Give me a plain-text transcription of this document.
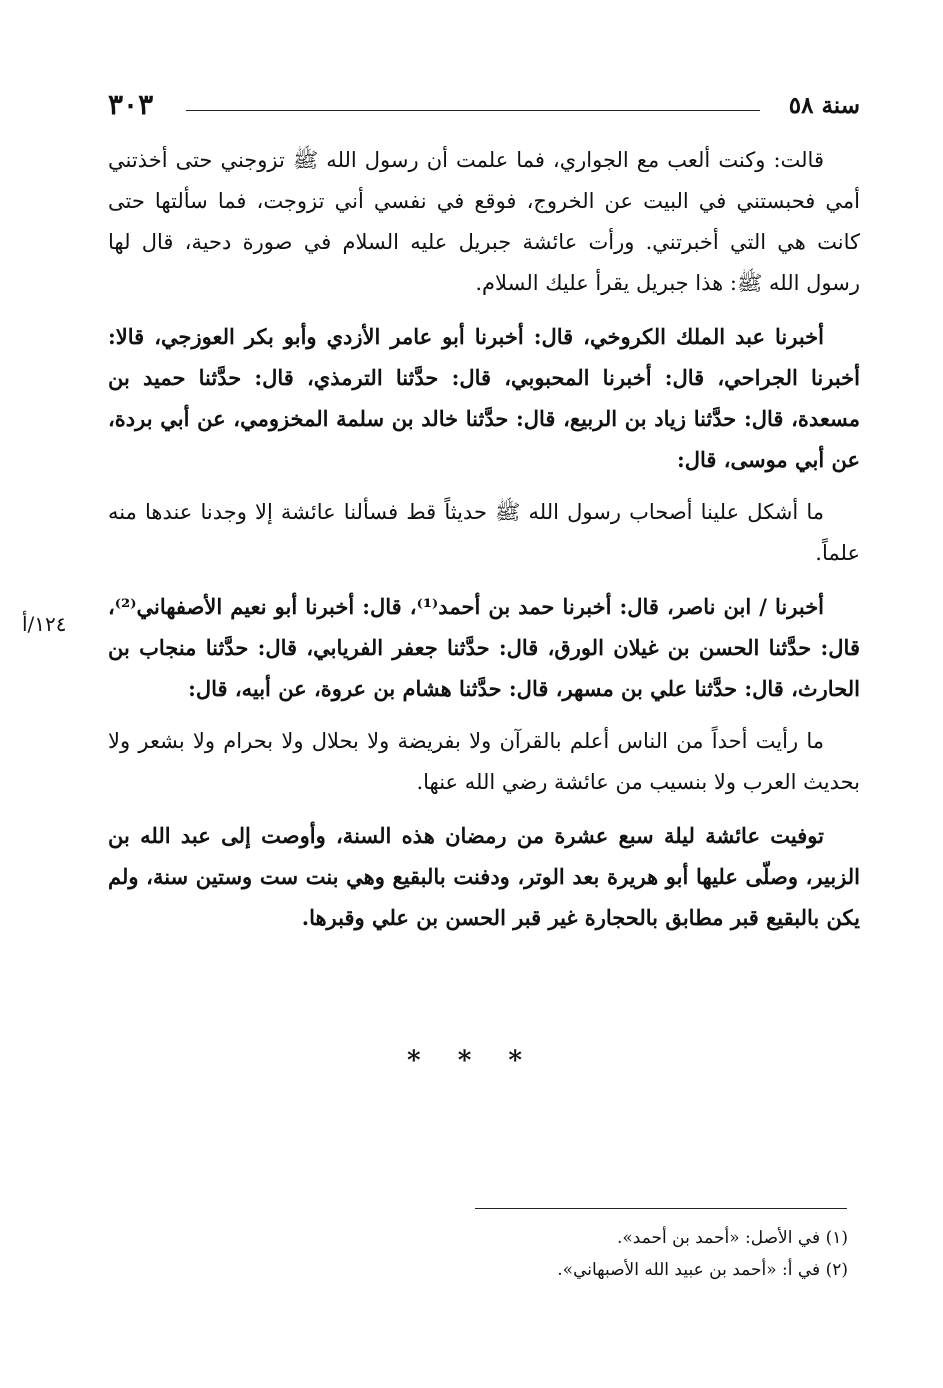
سنة ٥٨
٣٠٣

قالت: وكنت ألعب مع الجواري، فما علمت أن رسول الله ﷺ تزوجني حتى أخذتني أمي فحبستني في البيت عن الخروج، فوقع في نفسي أني تزوجت، فما سألتها حتى كانت هي التي أخبرتني. ورأت عائشة جبريل عليه السلام في صورة دحية، قال لها رسول الله ﷺ: هذا جبريل يقرأ عليك السلام.

أخبرنا عبد الملك الكروخي، قال: أخبرنا أبو عامر الأزدي وأبو بكر العوزجي، قالا: أخبرنا الجراحي، قال: أخبرنا المحبوبي، قال: حدَّثنا الترمذي، قال: حدَّثنا حميد بن مسعدة، قال: حدَّثنا زياد بن الربيع، قال: حدَّثنا خالد بن سلمة المخزومي، عن أبي بردة، عن أبي موسى، قال:

ما أشكل علينا أصحاب رسول الله ﷺ حديثاً قط فسألنا عائشة إلا وجدنا عندها منه علماً.

أخبرنا / ابن ناصر، قال: أخبرنا حمد بن أحمد⁽¹⁾، قال: أخبرنا أبو نعيم الأصفهاني⁽²⁾، قال: حدَّثنا الحسن بن غيلان الورق، قال: حدَّثنا جعفر الفريابي، قال: حدَّثنا منجاب بن الحارث، قال: حدَّثنا علي بن مسهر، قال: حدَّثنا هشام بن عروة، عن أبيه، قال:

ما رأيت أحداً من الناس أعلم بالقرآن ولا بفريضة ولا بحلال ولا بحرام ولا بشعر ولا بحديث العرب ولا بنسيب من عائشة رضي الله عنها.

توفيت عائشة ليلة سبع عشرة من رمضان هذه السنة، وأوصت إلى عبد الله بن الزبير، وصلّى عليها أبو هريرة بعد الوتر، ودفنت بالبقيع وهي بنت ست وستين سنة، ولم يكن بالبقيع قبر مطابق بالحجارة غير قبر الحسن بن علي وقبرها.

١٢٤/أ
* * *

(١) في الأصل: «أحمد بن أحمد».

(٢) في أ: «أحمد بن عبيد الله الأصبهاني».
